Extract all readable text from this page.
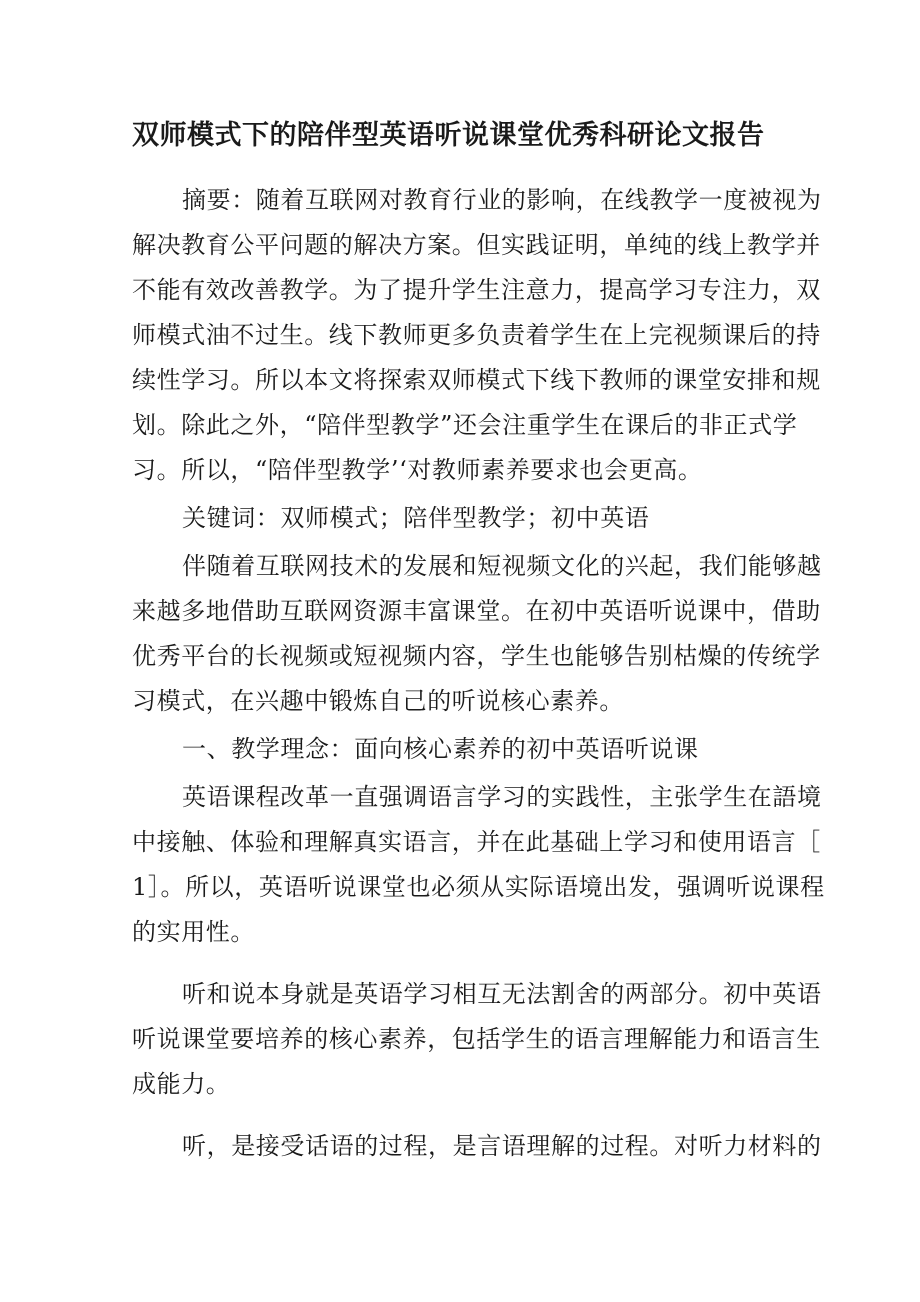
双师模式下的陪伴型英语听说课堂优秀科研论文报告

摘要：随着互联网对教育行业的影响，在线教学一度被视为
解决教育公平问题的解决方案。但实践证明，单纯的线上教学并
不能有效改善教学。为了提升学生注意力，提高学习专注力，双
师模式油不过生。线下教师更多负责着学生在上完视频课后的持
续性学习。所以本文将探索双师模式下线下教师的课堂安排和规
划。除此之外，“陪伴型教学”还会注重学生在课后的非正式学
习。所以，“陪伴型教学’‘对教师素养要求也会更高。

关键词：双师模式；陪伴型教学；初中英语

伴随着互联网技术的发展和短视频文化的兴起，我们能够越
来越多地借助互联网资源丰富课堂。在初中英语听说课中，借助
优秀平台的长视频或短视频内容，学生也能够告别枯燥的传统学
习模式，在兴趣中锻炼自己的听说核心素养。

一、教学理念：面向核心素养的初中英语听说课

英语课程改革一直强调语言学习的实践性，主张学生在語境
中接触、体验和理解真实语言，并在此基础上学习和使用语言［
1］。所以，英语听说课堂也必须从实际语境出发，强调听说课程
的实用性。

听和说本身就是英语学习相互无法割舍的两部分。初中英语
听说课堂要培养的核心素养，包括学生的语言理解能力和语言生
成能力。

听，是接受话语的过程，是言语理解的过程。对听力材料的
